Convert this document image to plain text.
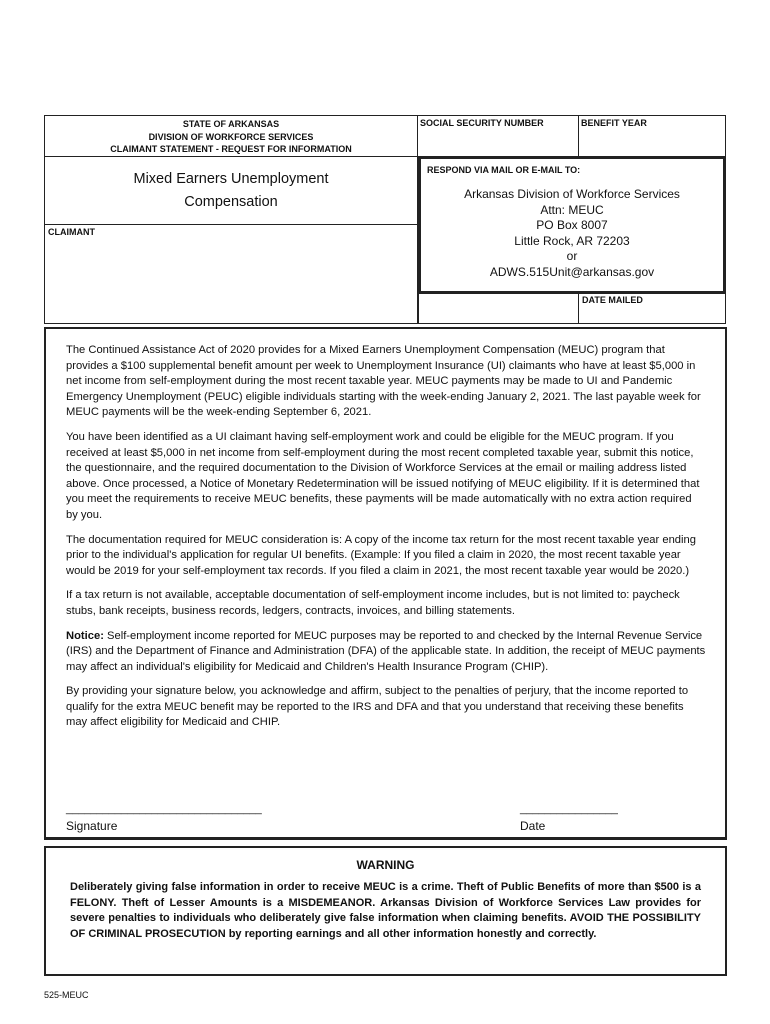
STATE OF ARKANSAS
DIVISION OF WORKFORCE SERVICES
CLAIMANT STATEMENT - REQUEST FOR INFORMATION
SOCIAL SECURITY NUMBER	BENEFIT YEAR
Mixed Earners Unemployment
Compensation
CLAIMANT
RESPOND VIA MAIL OR E-MAIL TO:
Arkansas Division of Workforce Services
Attn: MEUC
PO Box 8007
Little Rock, AR 72203
or
ADWS.515Unit@arkansas.gov
DATE MAILED

The Continued Assistance Act of 2020 provides for a Mixed Earners Unemployment Compensation (MEUC) program that provides a $100 supplemental benefit amount per week to Unemployment Insurance (UI) claimants who have at least $5,000 in net income from self-employment during the most recent taxable year. MEUC payments may be made to UI and Pandemic Emergency Unemployment (PEUC) eligible individuals starting with the week-ending January 2, 2021. The last payable week for MEUC payments will be the week-ending September 6, 2021.

You have been identified as a UI claimant having self-employment work and could be eligible for the MEUC program. If you received at least $5,000 in net income from self-employment during the most recent completed taxable year, submit this notice, the questionnaire, and the required documentation to the Division of Workforce Services at the email or mailing address listed above. Once processed, a Notice of Monetary Redetermination will be issued notifying of MEUC eligibility. If it is determined that you meet the requirements to receive MEUC benefits, these payments will be made automatically with no extra action required by you.

The documentation required for MEUC consideration is: A copy of the income tax return for the most recent taxable year ending prior to the individual's application for regular UI benefits. (Example: If you filed a claim in 2020, the most recent taxable year would be 2019 for your self-employment tax records. If you filed a claim in 2021, the most recent taxable year would be 2020.)

If a tax return is not available, acceptable documentation of self-employment income includes, but is not limited to: paycheck stubs, bank receipts, business records, ledgers, contracts, invoices, and billing statements.

Notice: Self-employment income reported for MEUC purposes may be reported to and checked by the Internal Revenue Service (IRS) and the Department of Finance and Administration (DFA) of the applicable state. In addition, the receipt of MEUC payments may affect an individual's eligibility for Medicaid and Children's Health Insurance Program (CHIP).

By providing your signature below, you acknowledge and affirm, subject to the penalties of perjury, that the income reported to qualify for the extra MEUC benefit may be reported to the IRS and DFA and that you understand that receiving these benefits may affect eligibility for Medicaid and CHIP.

________________________________	________________
Signature	Date
WARNING
Deliberately giving false information in order to receive MEUC is a crime. Theft of Public Benefits of more than $500 is a FELONY. Theft of Lesser Amounts is a MISDEMEANOR. Arkansas Division of Workforce Services Law provides for severe penalties to individuals who deliberately give false information when claiming benefits. AVOID THE POSSIBILITY OF CRIMINAL PROSECUTION by reporting earnings and all other information honestly and correctly.
525-MEUC
